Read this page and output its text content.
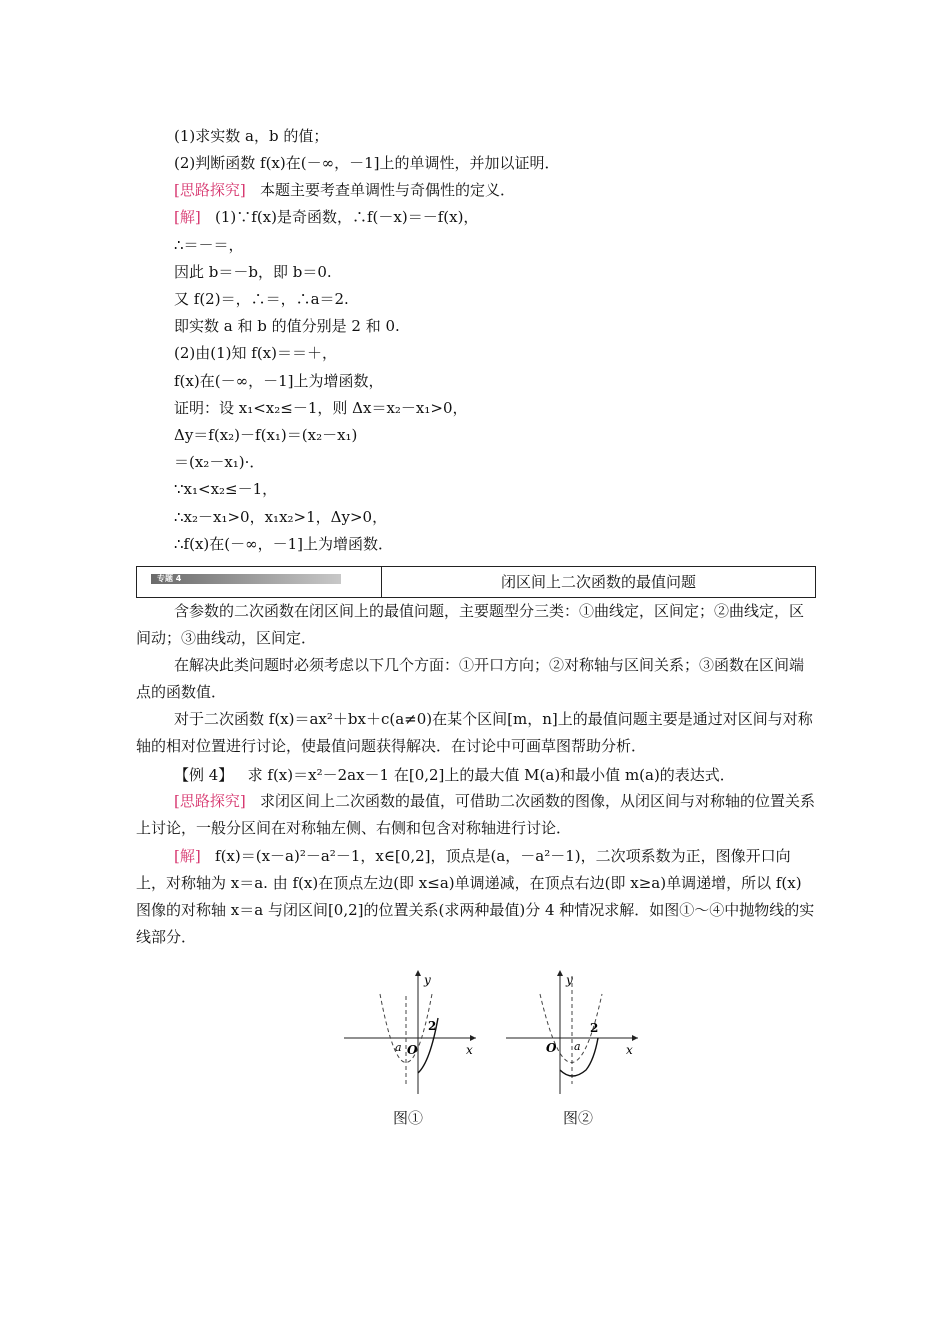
(1)求实数 a，b 的值；
(2)判断函数 f(x)在(－∞，－1]上的单调性，并加以证明．
[思路探究] 本题主要考查单调性与奇偶性的定义．
[解] (1)∵f(x)是奇函数，∴f(－x)＝－f(x)，
∴＝－＝，
因此 b＝－b，即 b＝0.
又 f(2)＝，∴＝，∴a＝2.
即实数 a 和 b 的值分别是 2 和 0.
(2)由(1)知 f(x)＝＝＋，
f(x)在(－∞，－1]上为增函数，
证明：设 x₁<x₂≤－1，则 Δx＝x₂－x₁>0，
Δy＝f(x₂)－f(x₁)＝(x₂－x₁)
＝(x₂－x₁)·．
∵x₁<x₂≤－1，
∴x₂－x₁>0，x₁x₂>1，Δy>0，
∴f(x)在(－∞，－1]上为增函数．
专题 4	闭区间上二次函数的最值问题
含参数的二次函数在闭区间上的最值问题，主要题型分三类：①曲线定，区间定；②曲线定，区间动；③曲线动，区间定．
在解决此类问题时必须考虑以下几个方面：①开口方向；②对称轴与区间关系；③函数在区间端点的函数值．
对于二次函数 f(x)＝ax²＋bx＋c(a≠0)在某个区间[m，n]上的最值问题主要是通过对区间与对称轴的相对位置进行讨论，使最值问题获得解决．在讨论中可画草图帮助分析．
【例 4】 求 f(x)＝x²－2ax－1 在[0,2]上的最大值 M(a)和最小值 m(a)的表达式．
[思路探究] 求闭区间上二次函数的最值，可借助二次函数的图像，从闭区间与对称轴的位置关系上讨论，一般分区间在对称轴左侧、右侧和包含对称轴进行讨论．
[解] f(x)＝(x－a)²－a²－1，x∈[0,2]，顶点是(a，－a²－1)，二次项系数为正，图像开口向上，对称轴为 x＝a. 由 f(x)在顶点左边(即 x≤a)单调递减，在顶点右边(即 x≥a)单调递增，所以 f(x)图像的对称轴 x＝a 与闭区间[0,2]的位置关系(求两种最值)分 4 种情况求解．如图①～④中抛物线的实线部分．
y
x
a O
2
图①
y
x
a
O
2
图②
